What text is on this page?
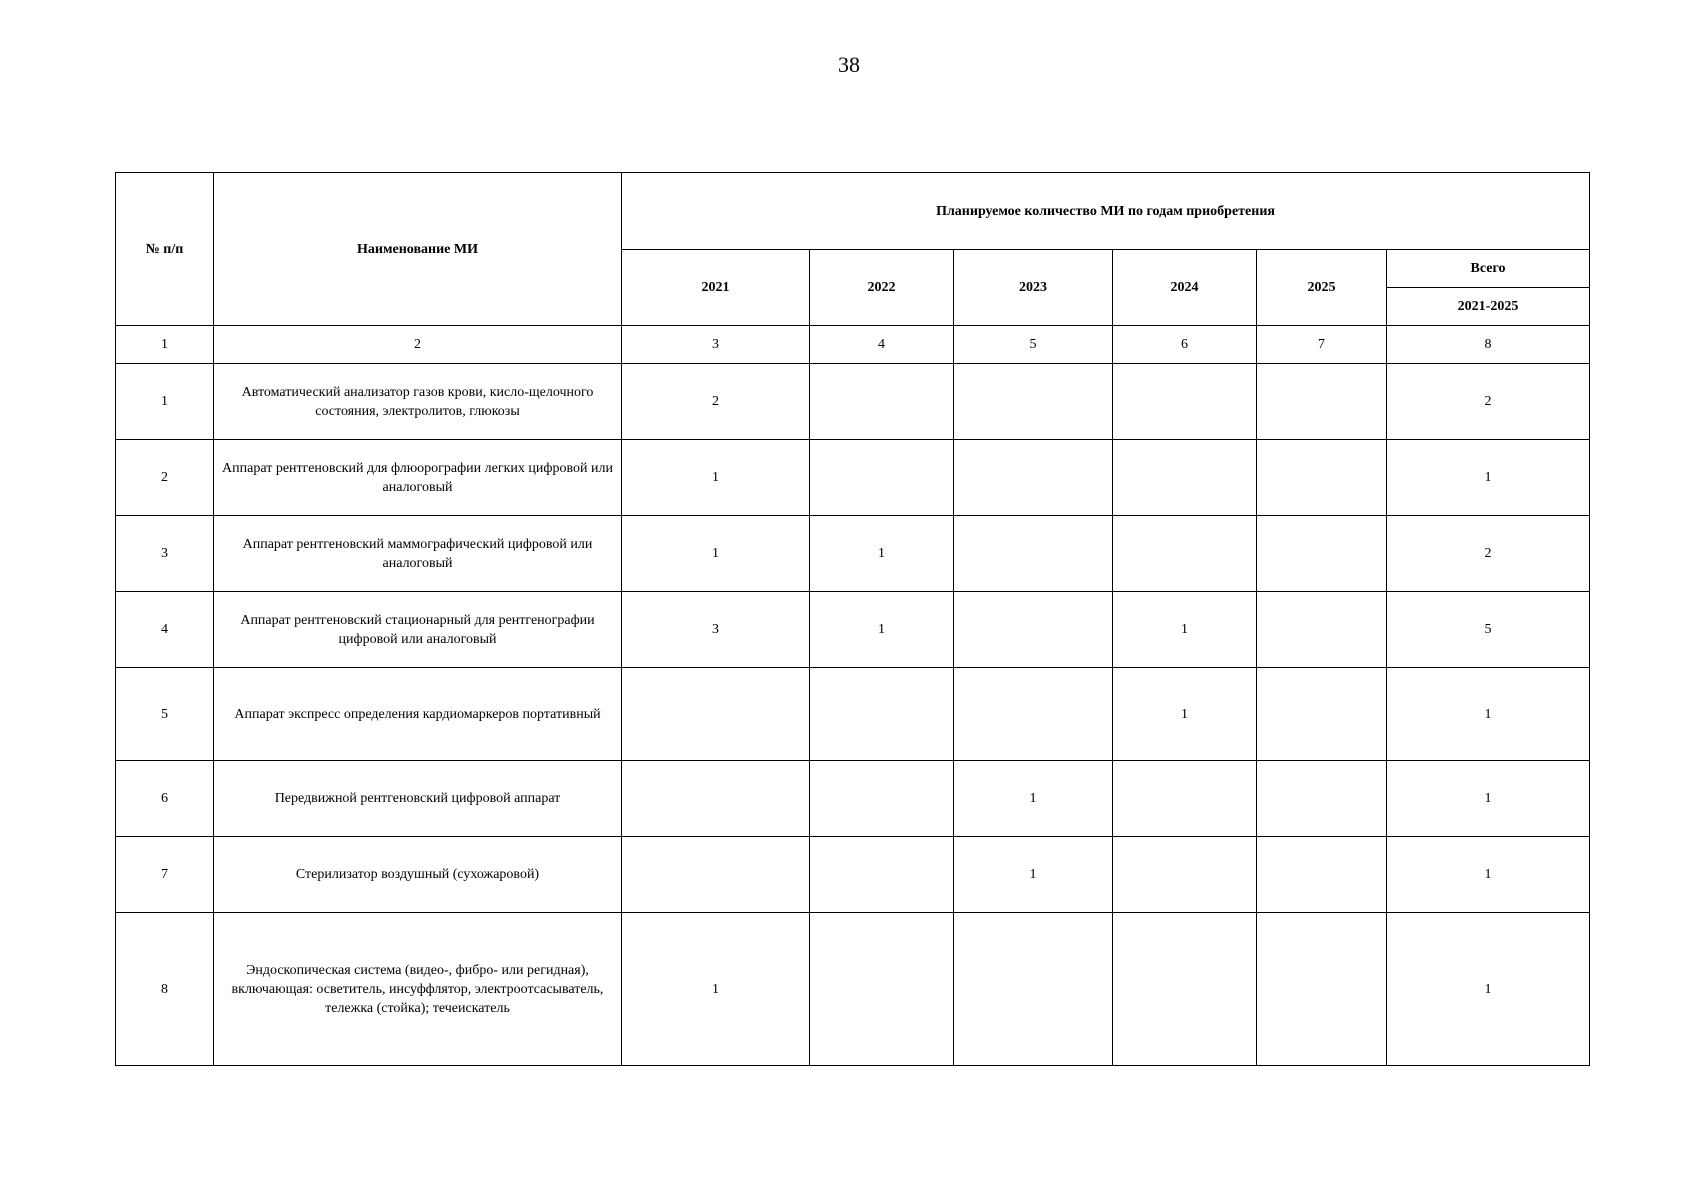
38
№ п/п	Наименование МИ	Планируемое количество МИ по годам приобретения					
		2021	2022	2023	2024	2025	Всего
							2021-2025
1	2	3	4	5	6	7	8
1	Автоматический анализатор газов крови, кисло-щелочного состояния, электролитов, глюкозы	2					2
2	Аппарат рентгеновский для флюорографии легких цифровой или аналоговый	1					1
3	Аппарат рентгеновский маммографический цифровой или аналоговый	1	1				2
4	Аппарат рентгеновский стационарный для рентгенографии цифровой или аналоговый	3	1		1		5
5	Аппарат экспресс определения кардиомаркеров портативный				1		1
6	Передвижной рентгеновский цифровой аппарат			1			1
7	Стерилизатор воздушный (сухожаровой)			1			1
8	Эндоскопическая система (видео-, фибро- или регидная), включающая: осветитель, инсуффлятор, электроотсасыватель, тележка (стойка); течеискатель	1					1
